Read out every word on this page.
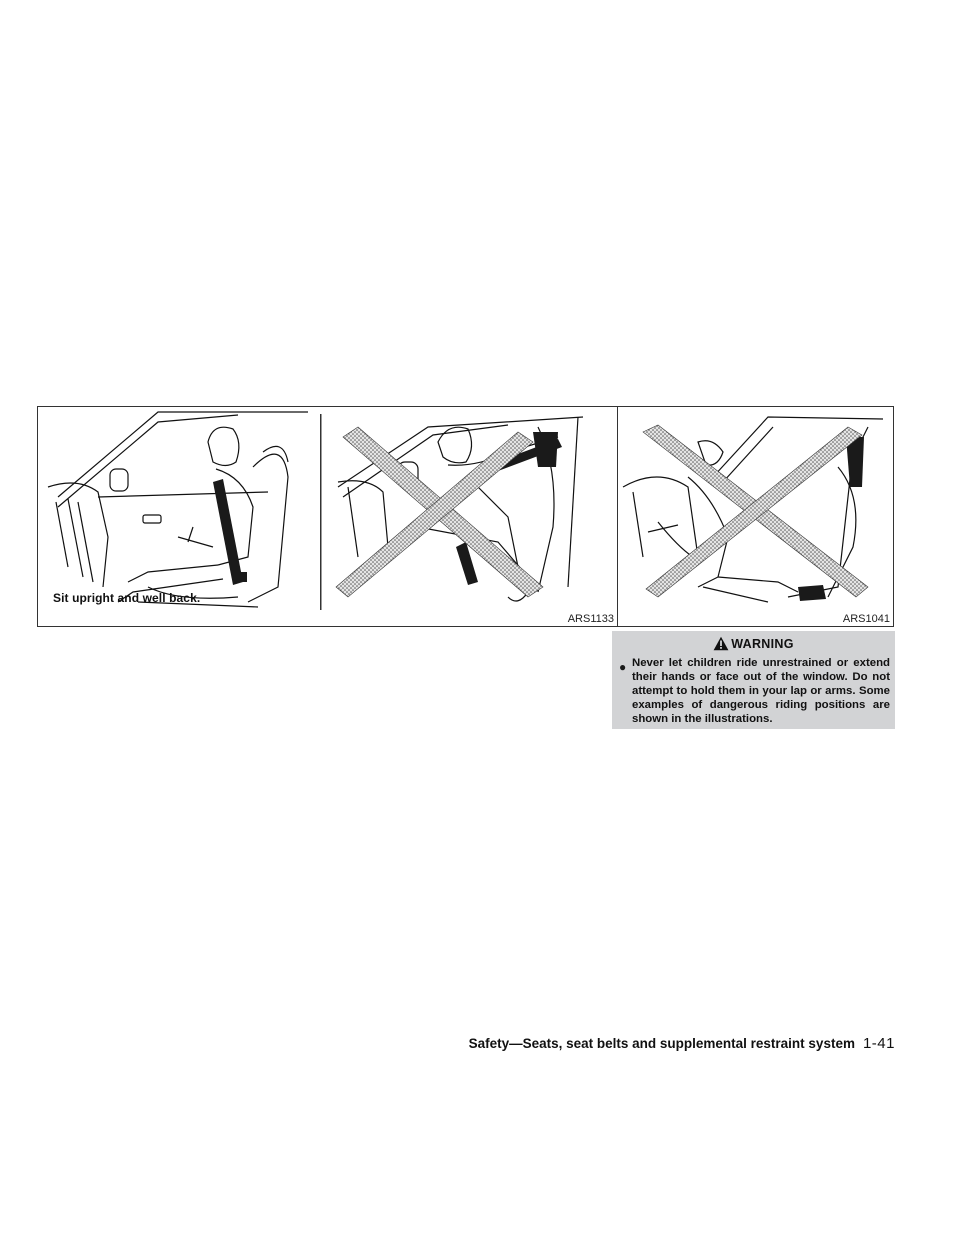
Sit upright and well back.
ARS1133	ARS1041
WARNING
● Never let children ride unrestrained or extend their hands or face out of the window. Do not attempt to hold them in your lap or arms. Some examples of dangerous riding positions are shown in the illustrations.
Safety—Seats, seat belts and supplemental restraint system 1-41
